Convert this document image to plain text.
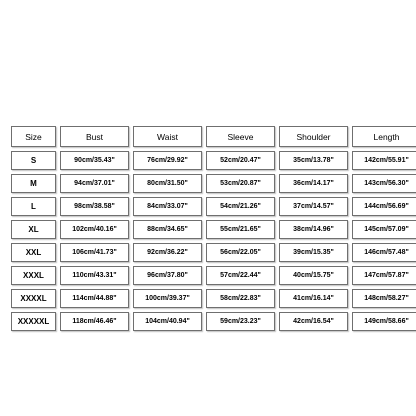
Size	Bust	Waist	Sleeve	Shoulder	Length
S	90cm/35.43"	76cm/29.92"	52cm/20.47"	35cm/13.78"	142cm/55.91"
M	94cm/37.01"	80cm/31.50"	53cm/20.87"	36cm/14.17"	143cm/56.30"
L	98cm/38.58"	84cm/33.07"	54cm/21.26"	37cm/14.57"	144cm/56.69"
XL	102cm/40.16"	88cm/34.65"	55cm/21.65"	38cm/14.96"	145cm/57.09"
XXL	106cm/41.73"	92cm/36.22"	56cm/22.05"	39cm/15.35"	146cm/57.48"
XXXL	110cm/43.31"	96cm/37.80"	57cm/22.44"	40cm/15.75"	147cm/57.87"
XXXXL	114cm/44.88"	100cm/39.37"	58cm/22.83"	41cm/16.14"	148cm/58.27"
XXXXXL	118cm/46.46"	104cm/40.94"	59cm/23.23"	42cm/16.54"	149cm/58.66"
